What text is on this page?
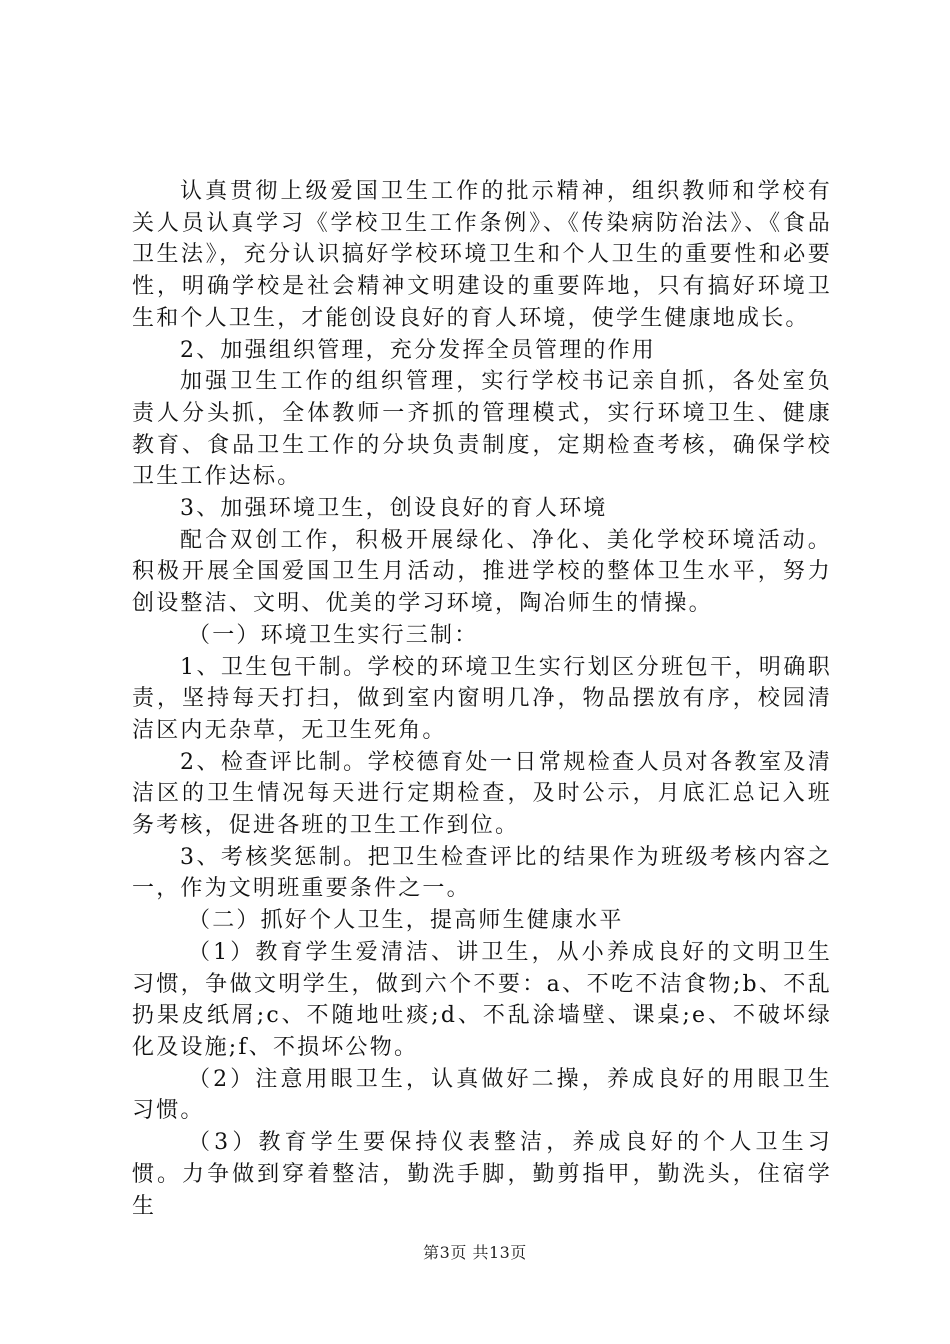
认真贯彻上级爱国卫生工作的批示精神，组织教师和学校有关人员认真学习《学校卫生工作条例》、《传染病防治法》、《食品卫生法》，充分认识搞好学校环境卫生和个人卫生的重要性和必要性，明确学校是社会精神文明建设的重要阵地，只有搞好环境卫生和个人卫生，才能创设良好的育人环境，使学生健康地成长。

2、加强组织管理，充分发挥全员管理的作用

加强卫生工作的组织管理，实行学校书记亲自抓，各处室负责人分头抓，全体教师一齐抓的管理模式，实行环境卫生、健康教育、食品卫生工作的分块负责制度，定期检查考核，确保学校卫生工作达标。

3、加强环境卫生，创设良好的育人环境

配合双创工作，积极开展绿化、净化、美化学校环境活动。积极开展全国爱国卫生月活动，推进学校的整体卫生水平，努力创设整洁、文明、优美的学习环境，陶冶师生的情操。

（一）环境卫生实行三制：

1、卫生包干制。学校的环境卫生实行划区分班包干，明确职责，坚持每天打扫，做到室内窗明几净，物品摆放有序，校园清洁区内无杂草，无卫生死角。

2、检查评比制。学校德育处一日常规检查人员对各教室及清洁区的卫生情况每天进行定期检查，及时公示，月底汇总记入班务考核，促进各班的卫生工作到位。

3、考核奖惩制。把卫生检查评比的结果作为班级考核内容之一，作为文明班重要条件之一。

（二）抓好个人卫生，提高师生健康水平

（1）教育学生爱清洁、讲卫生，从小养成良好的文明卫生习惯，争做文明学生，做到六个不要：a、不吃不洁食物;b、不乱扔果皮纸屑;c、不随地吐痰;d、不乱涂墙壁、课桌;e、不破坏绿化及设施;f、不损坏公物。

（2）注意用眼卫生，认真做好二操，养成良好的用眼卫生习惯。

（3）教育学生要保持仪表整洁，养成良好的个人卫生习惯。力争做到穿着整洁，勤洗手脚，勤剪指甲，勤洗头，住宿学生

第3页 共13页
